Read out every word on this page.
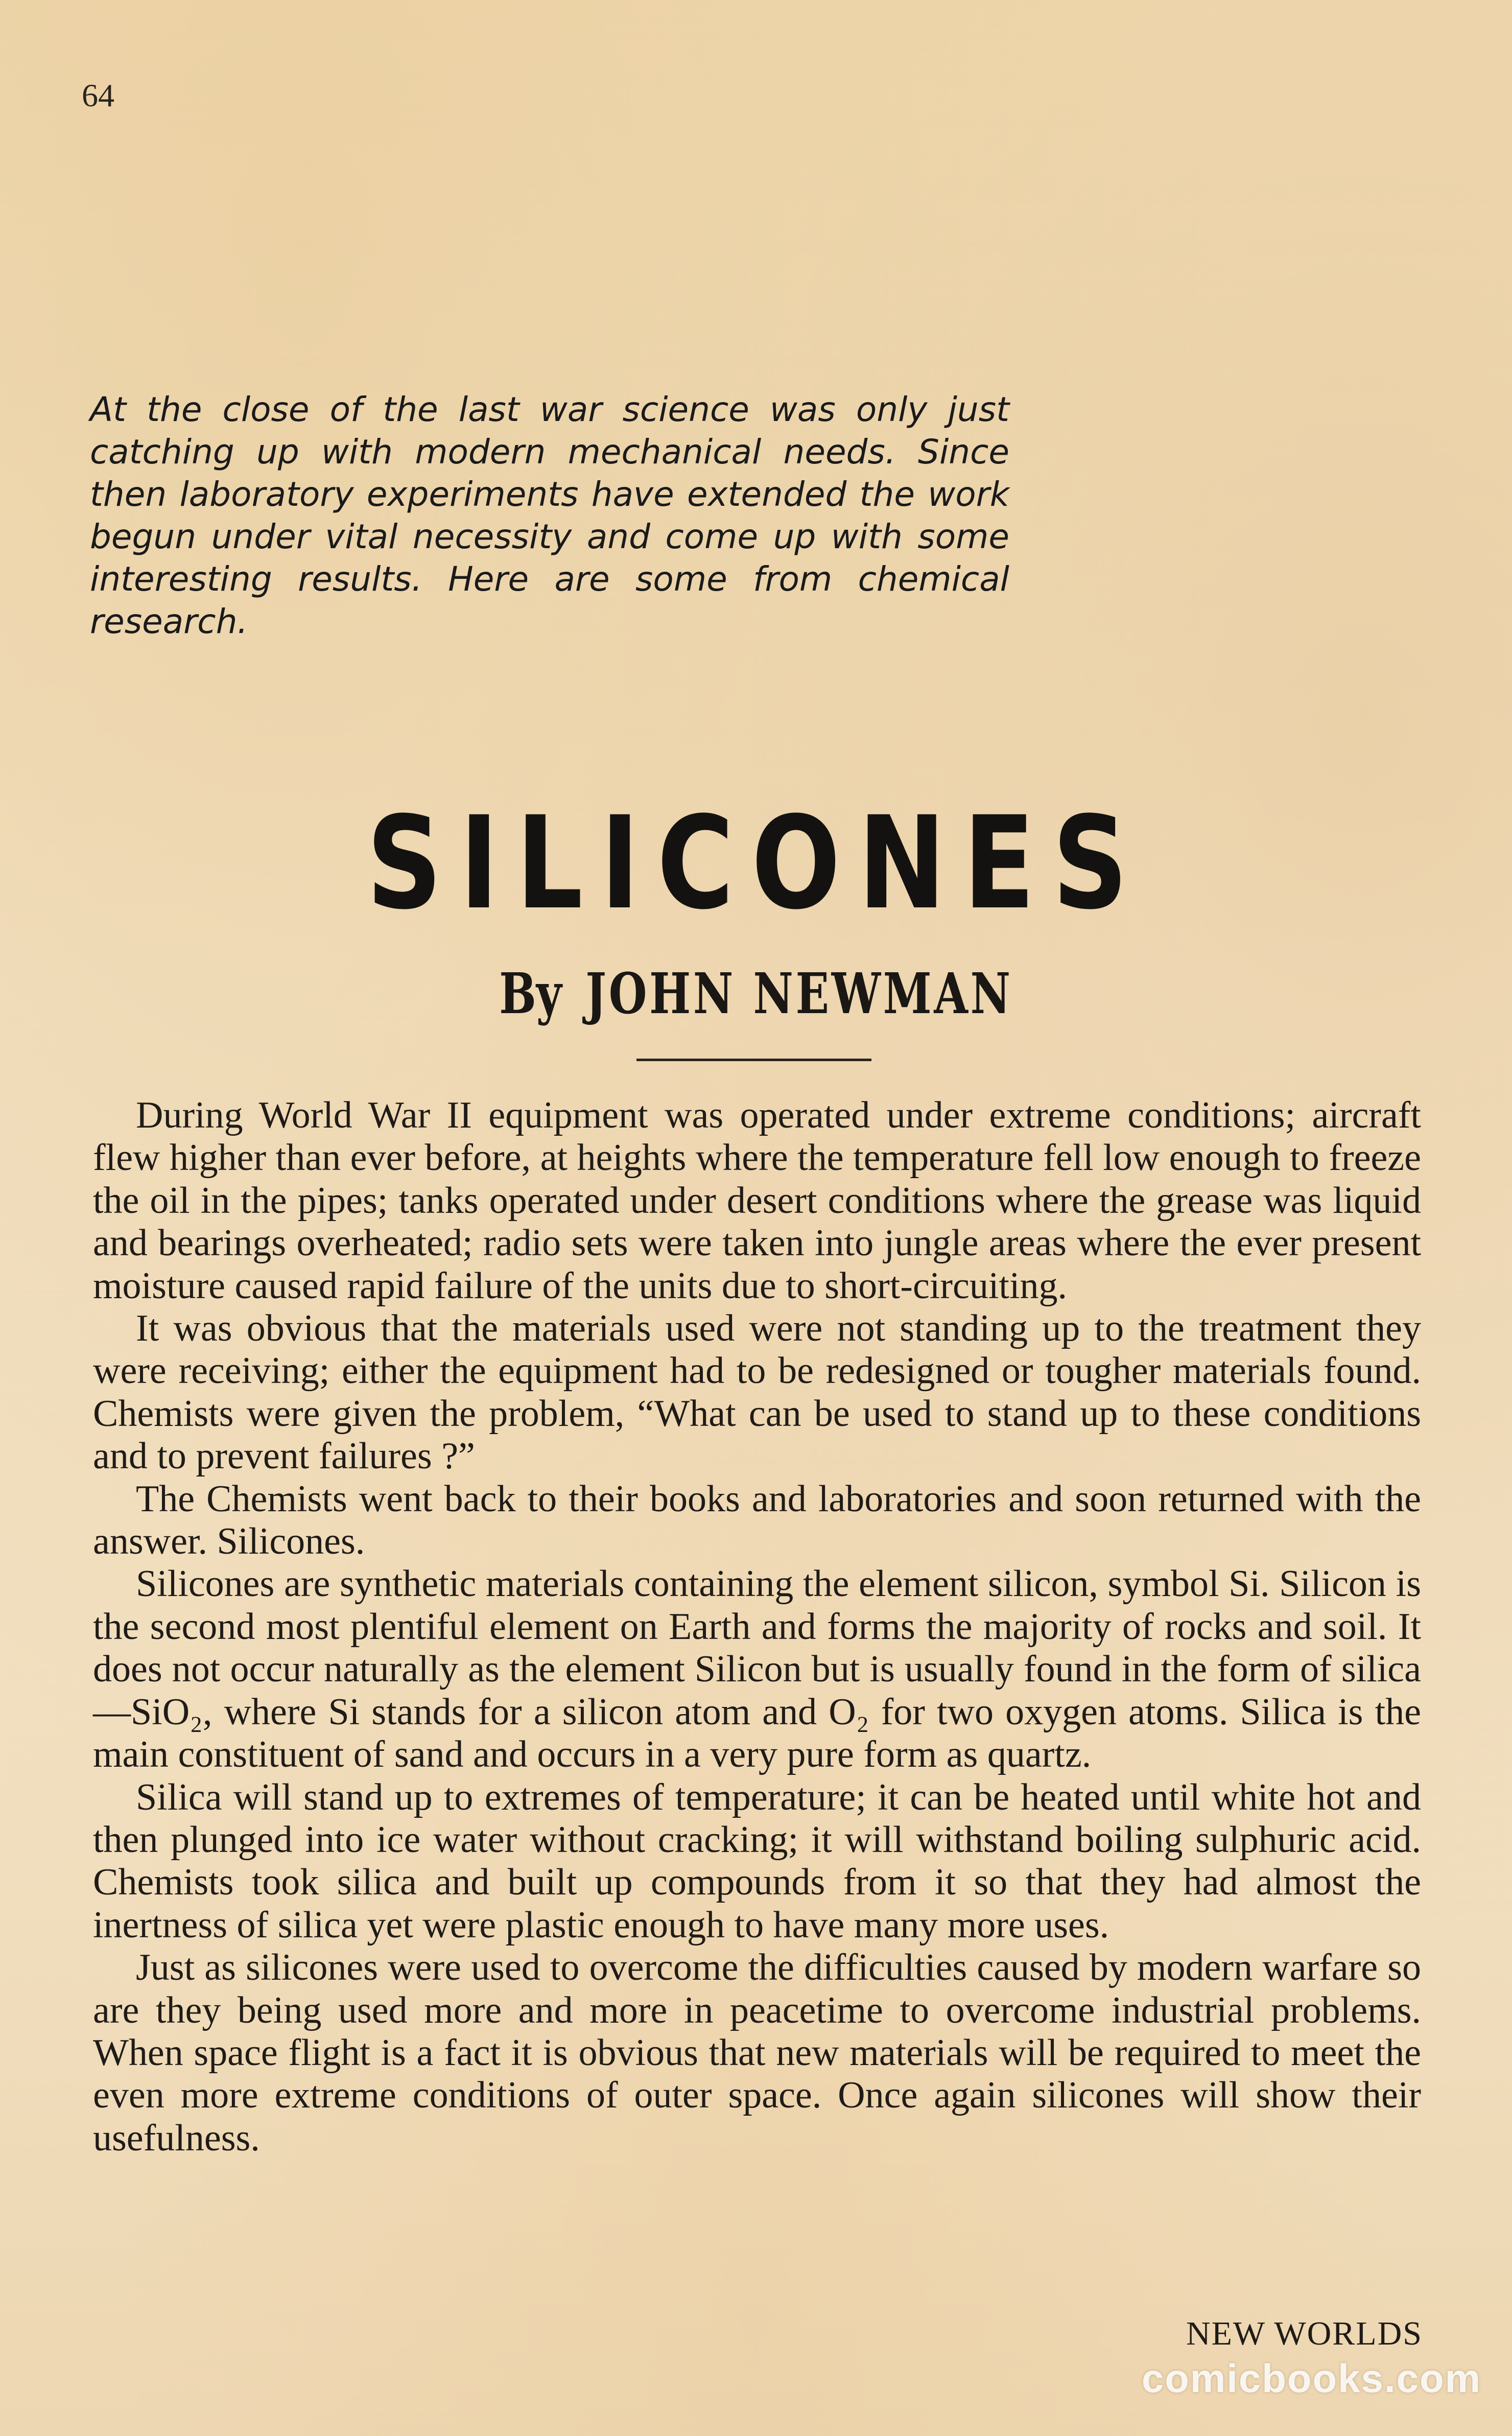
64
At the close of the last war science was only just catching up with modern mechanical needs. Since then laboratory experiments have extended the work begun under vital necessity and come up with some interesting results. Here are some from chemical research.
SILICONES
By JOHN NEWMAN

During World War II equipment was operated under extreme conditions; aircraft flew higher than ever before, at heights where the temperature fell low enough to freeze the oil in the pipes; tanks operated under desert conditions where the grease was liquid and bearings overheated; radio sets were taken into jungle areas where the ever present moisture caused rapid failure of the units due to short-circuiting.

It was obvious that the materials used were not standing up to the treatment they were receiving; either the equipment had to be redesigned or tougher materials found. Chemists were given the problem, “What can be used to stand up to these conditions and to prevent failures ?”

The Chemists went back to their books and laboratories and soon returned with the answer. Silicones.

Silicones are synthetic materials containing the element silicon, symbol Si. Silicon is the second most plentiful element on Earth and forms the majority of rocks and soil. It does not occur naturally as the element Silicon but is usually found in the form of silica—SiO₂, where Si stands for a silicon atom and O₂ for two oxygen atoms. Silica is the main constituent of sand and occurs in a very pure form as quartz.

Silica will stand up to extremes of temperature; it can be heated until white hot and then plunged into ice water without cracking; it will withstand boiling sulphuric acid. Chemists took silica and built up compounds from it so that they had almost the inertness of silica yet were plastic enough to have many more uses.

Just as silicones were used to overcome the difficulties caused by modern warfare so are they being used more and more in peacetime to overcome industrial problems. When space flight is a fact it is obvious that new materials will be required to meet the even more extreme conditions of outer space. Once again silicones will show their usefulness.

NEW WORLDS
comicbooks.com
